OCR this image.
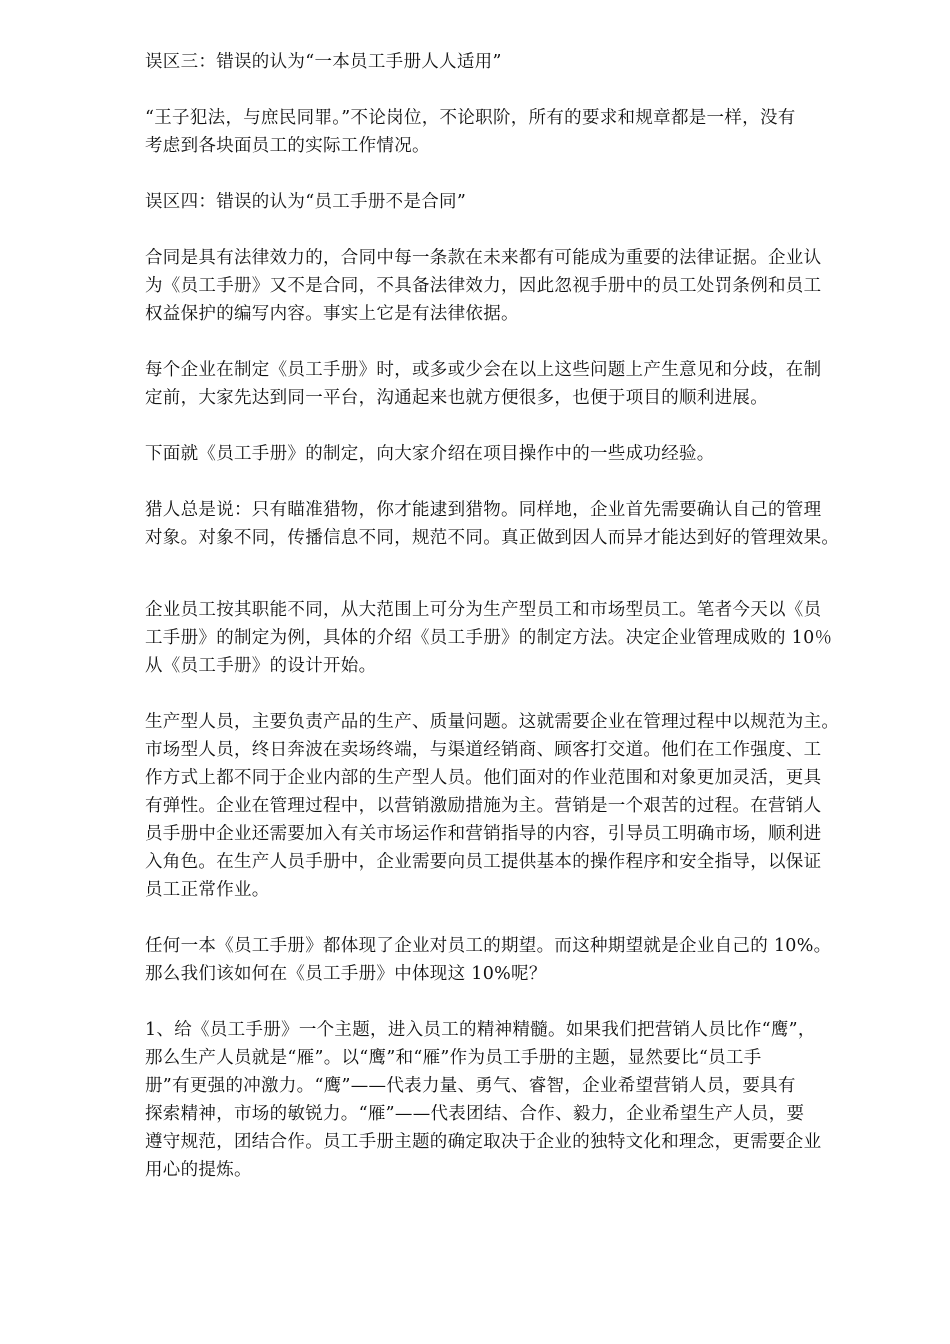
误区三：错误的认为“一本员工手册人人适用”

“王子犯法，与庶民同罪。”不论岗位，不论职阶，所有的要求和规章都是一样，没有
考虑到各块面员工的实际工作情况。

误区四：错误的认为“员工手册不是合同”

合同是具有法律效力的，合同中每一条款在未来都有可能成为重要的法律证据。企业认
为《员工手册》又不是合同，不具备法律效力，因此忽视手册中的员工处罚条例和员工
权益保护的编写内容。事实上它是有法律依据。

每个企业在制定《员工手册》时，或多或少会在以上这些问题上产生意见和分歧，在制
定前，大家先达到同一平台，沟通起来也就方便很多，也便于项目的顺利进展。

下面就《员工手册》的制定，向大家介绍在项目操作中的一些成功经验。

猎人总是说：只有瞄准猎物，你才能逮到猎物。同样地，企业首先需要确认自己的管理
对象。对象不同，传播信息不同，规范不同。真正做到因人而异才能达到好的管理效果。

企业员工按其职能不同，从大范围上可分为生产型员工和市场型员工。笔者今天以《员
工手册》的制定为例，具体的介绍《员工手册》的制定方法。决定企业管理成败的 10％
从《员工手册》的设计开始。

生产型人员，主要负责产品的生产、质量问题。这就需要企业在管理过程中以规范为主。
市场型人员，终日奔波在卖场终端，与渠道经销商、顾客打交道。他们在工作强度、工
作方式上都不同于企业内部的生产型人员。他们面对的作业范围和对象更加灵活，更具
有弹性。企业在管理过程中，以营销激励措施为主。营销是一个艰苦的过程。在营销人
员手册中企业还需要加入有关市场运作和营销指导的内容，引导员工明确市场，顺利进
入角色。在生产人员手册中，企业需要向员工提供基本的操作程序和安全指导，以保证
员工正常作业。

任何一本《员工手册》都体现了企业对员工的期望。而这种期望就是企业自己的 10%。
那么我们该如何在《员工手册》中体现这 10%呢？

1、给《员工手册》一个主题，进入员工的精神精髓。如果我们把营销人员比作“鹰”，
那么生产人员就是“雁”。以“鹰”和“雁”作为员工手册的主题，显然要比“员工手
册”有更强的冲激力。“鹰”——代表力量、勇气、睿智，企业希望营销人员，要具有
探索精神，市场的敏锐力。“雁”——代表团结、合作、毅力，企业希望生产人员，要
遵守规范，团结合作。员工手册主题的确定取决于企业的独特文化和理念，更需要企业
用心的提炼。
